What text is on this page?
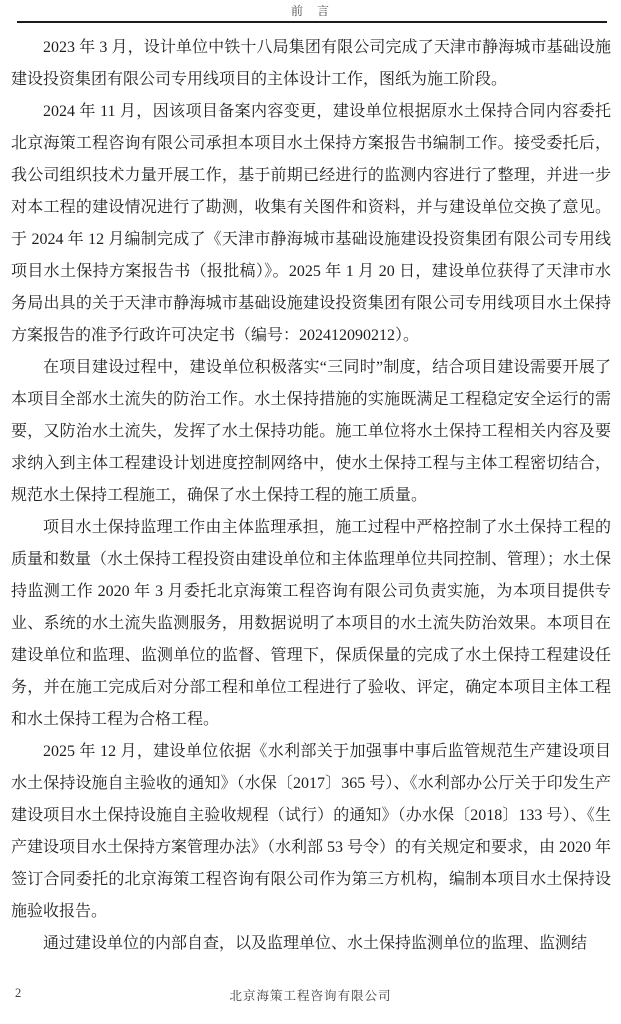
前　言

2023 年 3 月，设计单位中铁十八局集团有限公司完成了天津市静海城市基础设施建设投资集团有限公司专用线项目的主体设计工作，图纸为施工阶段。

2024 年 11 月，因该项目备案内容变更，建设单位根据原水土保持合同内容委托北京海策工程咨询有限公司承担本项目水土保持方案报告书编制工作。接受委托后，我公司组织技术力量开展工作，基于前期已经进行的监测内容进行了整理，并进一步对本工程的建设情况进行了勘测，收集有关图件和资料，并与建设单位交换了意见。于 2024 年 12 月编制完成了《天津市静海城市基础设施建设投资集团有限公司专用线项目水土保持方案报告书（报批稿）》。2025 年 1 月 20 日，建设单位获得了天津市水务局出具的关于天津市静海城市基础设施建设投资集团有限公司专用线项目水土保持方案报告的准予行政许可决定书（编号：202412090212）。

在项目建设过程中，建设单位积极落实“三同时”制度，结合项目建设需要开展了本项目全部水土流失的防治工作。水土保持措施的实施既满足工程稳定安全运行的需要，又防治水土流失，发挥了水土保持功能。施工单位将水土保持工程相关内容及要求纳入到主体工程建设计划进度控制网络中，使水土保持工程与主体工程密切结合，规范水土保持工程施工，确保了水土保持工程的施工质量。

项目水土保持监理工作由主体监理承担，施工过程中严格控制了水土保持工程的质量和数量（水土保持工程投资由建设单位和主体监理单位共同控制、管理）；水土保持监测工作 2020 年 3 月委托北京海策工程咨询有限公司负责实施，为本项目提供专业、系统的水土流失监测服务，用数据说明了本项目的水土流失防治效果。本项目在建设单位和监理、监测单位的监督、管理下，保质保量的完成了水土保持工程建设任务，并在施工完成后对分部工程和单位工程进行了验收、评定，确定本项目主体工程和水土保持工程为合格工程。

2025 年 12 月，建设单位依据《水利部关于加强事中事后监管规范生产建设项目水土保持设施自主验收的通知》（水保〔2017〕365 号）、《水利部办公厅关于印发生产建设项目水土保持设施自主验收规程（试行）的通知》（办水保〔2018〕133 号）、《生产建设项目水土保持方案管理办法》（水利部 53 号令）的有关规定和要求，由 2020 年签订合同委托的北京海策工程咨询有限公司作为第三方机构，编制本项目水土保持设施验收报告。

通过建设单位的内部自查，以及监理单位、水土保持监测单位的监理、监测结

2	北京海策工程咨询有限公司
